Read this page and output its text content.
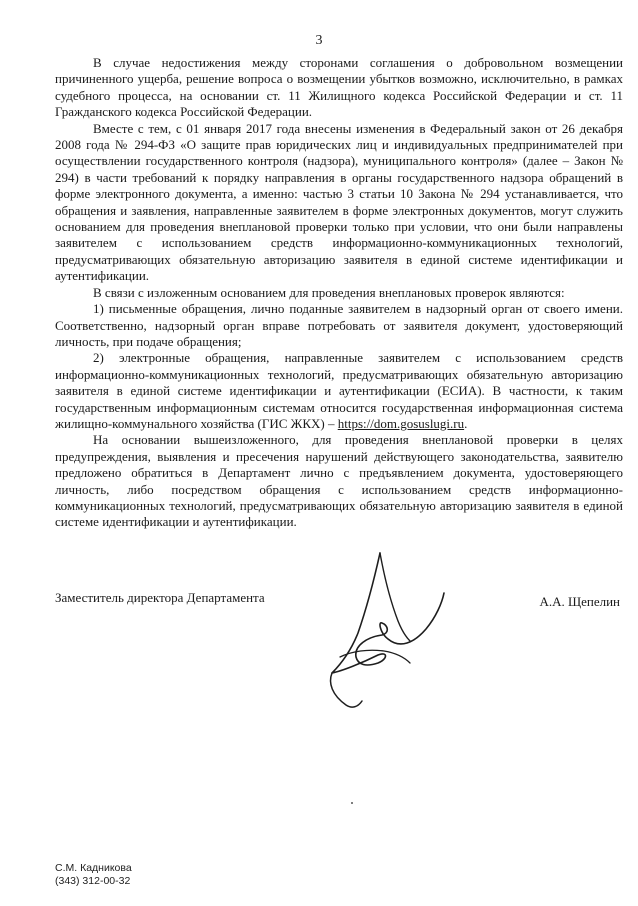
3

В случае недостижения между сторонами соглашения о добровольном возмещении причиненного ущерба, решение вопроса о возмещении убытков возможно, исключительно, в рамках судебного процесса, на основании ст. 11 Жилищного кодекса Российской Федерации и ст. 11 Гражданского кодекса Российской Федерации.

Вместе с тем, с 01 января 2017 года внесены изменения в Федеральный закон от 26 декабря 2008 года № 294-ФЗ «О защите прав юридических лиц и индивидуальных предпринимателей при осуществлении государственного контроля (надзора), муниципального контроля» (далее – Закон № 294) в части требований к порядку направления в органы государственного надзора обращений в форме электронного документа, а именно: частью 3 статьи 10 Закона № 294 устанавливается, что обращения и заявления, направленные заявителем в форме электронных документов, могут служить основанием для проведения внеплановой проверки только при условии, что они были направлены заявителем с использованием средств информационно-коммуникационных технологий, предусматривающих обязательную авторизацию заявителя в единой системе идентификации и аутентификации.

В связи с изложенным основанием для проведения внеплановых проверок являются:

1) письменные обращения, лично поданные заявителем в надзорный орган от своего имени. Соответственно, надзорный орган вправе потребовать от заявителя документ, удостоверяющий личность, при подаче обращения;

2) электронные обращения, направленные заявителем с использованием средств информационно-коммуникационных технологий, предусматривающих обязательную авторизацию заявителя в единой системе идентификации и аутентификации (ЕСИА). В частности, к таким государственным информационным системам относится государственная информационная система жилищно-коммунального хозяйства (ГИС ЖКХ) – https://dom.gosuslugi.ru.

На основании вышеизложенного, для проведения внеплановой проверки в целях предупреждения, выявления и пресечения нарушений действующего законодательства, заявителю предложено обратиться в Департамент лично с предъявлением документа, удостоверяющего личность, либо посредством обращения с использованием средств информационно-коммуникационных технологий, предусматривающих обязательную авторизацию заявителя в единой системе идентификации и аутентификации.

Заместитель директора Департамента	А.А. Щепелин
С.М. Кадникова
(343) 312-00-32
